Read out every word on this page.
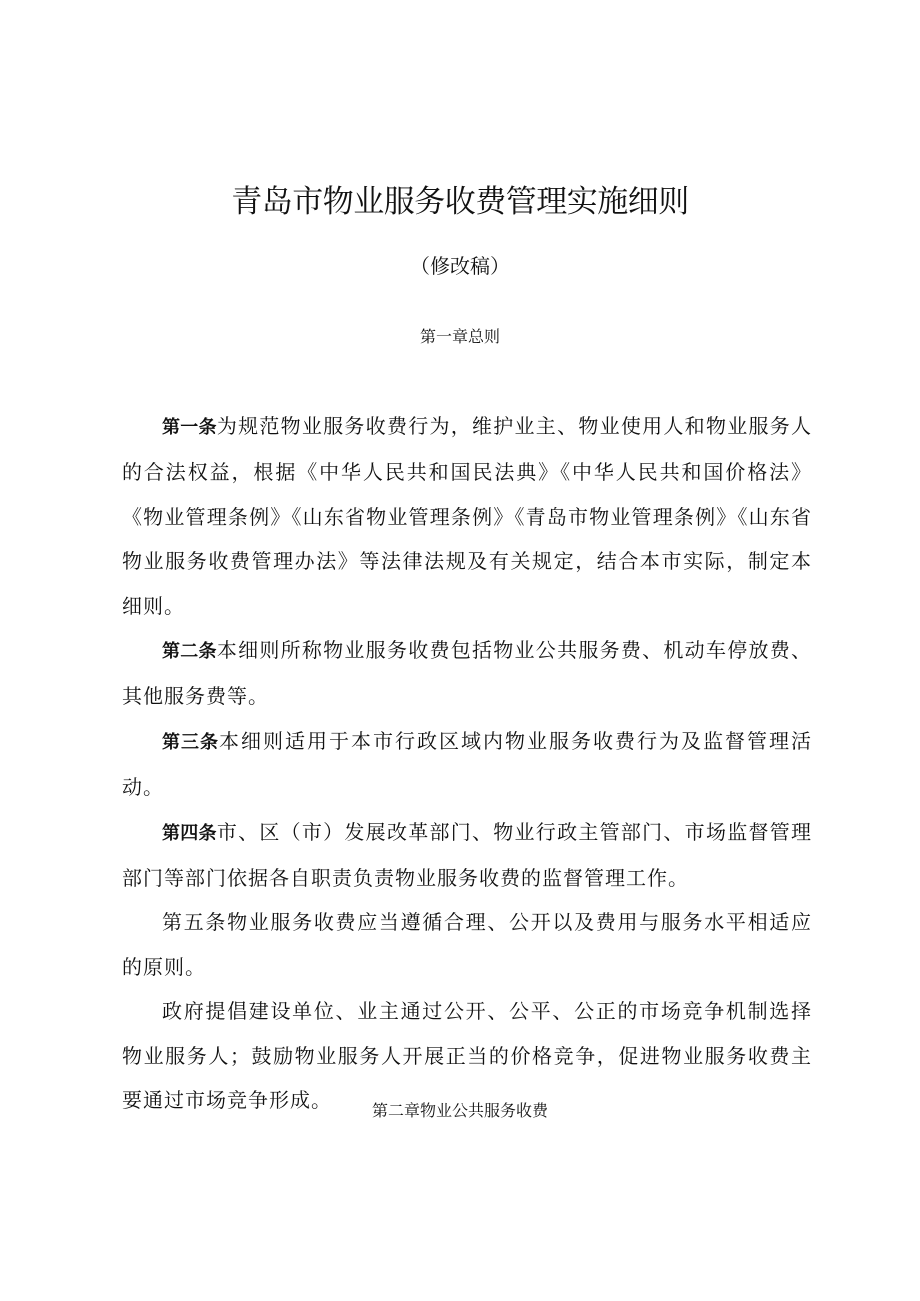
青岛市物业服务收费管理实施细则

（修改稿）

第一章总则

第一条为规范物业服务收费行为，维护业主、物业使用人和物业服务人的合法权益，根据《中华人民共和国民法典》《中华人民共和国价格法》《物业管理条例》《山东省物业管理条例》《青岛市物业管理条例》《山东省物业服务收费管理办法》等法律法规及有关规定，结合本市实际，制定本细则。

第二条本细则所称物业服务收费包括物业公共服务费、机动车停放费、其他服务费等。

第三条本细则适用于本市行政区域内物业服务收费行为及监督管理活动。

第四条市、区（市）发展改革部门、物业行政主管部门、市场监督管理部门等部门依据各自职责负责物业服务收费的监督管理工作。

第五条物业服务收费应当遵循合理、公开以及费用与服务水平相适应的原则。

政府提倡建设单位、业主通过公开、公平、公正的市场竞争机制选择物业服务人；鼓励物业服务人开展正当的价格竞争，促进物业服务收费主要通过市场竞争形成。	第二章物业公共服务收费
